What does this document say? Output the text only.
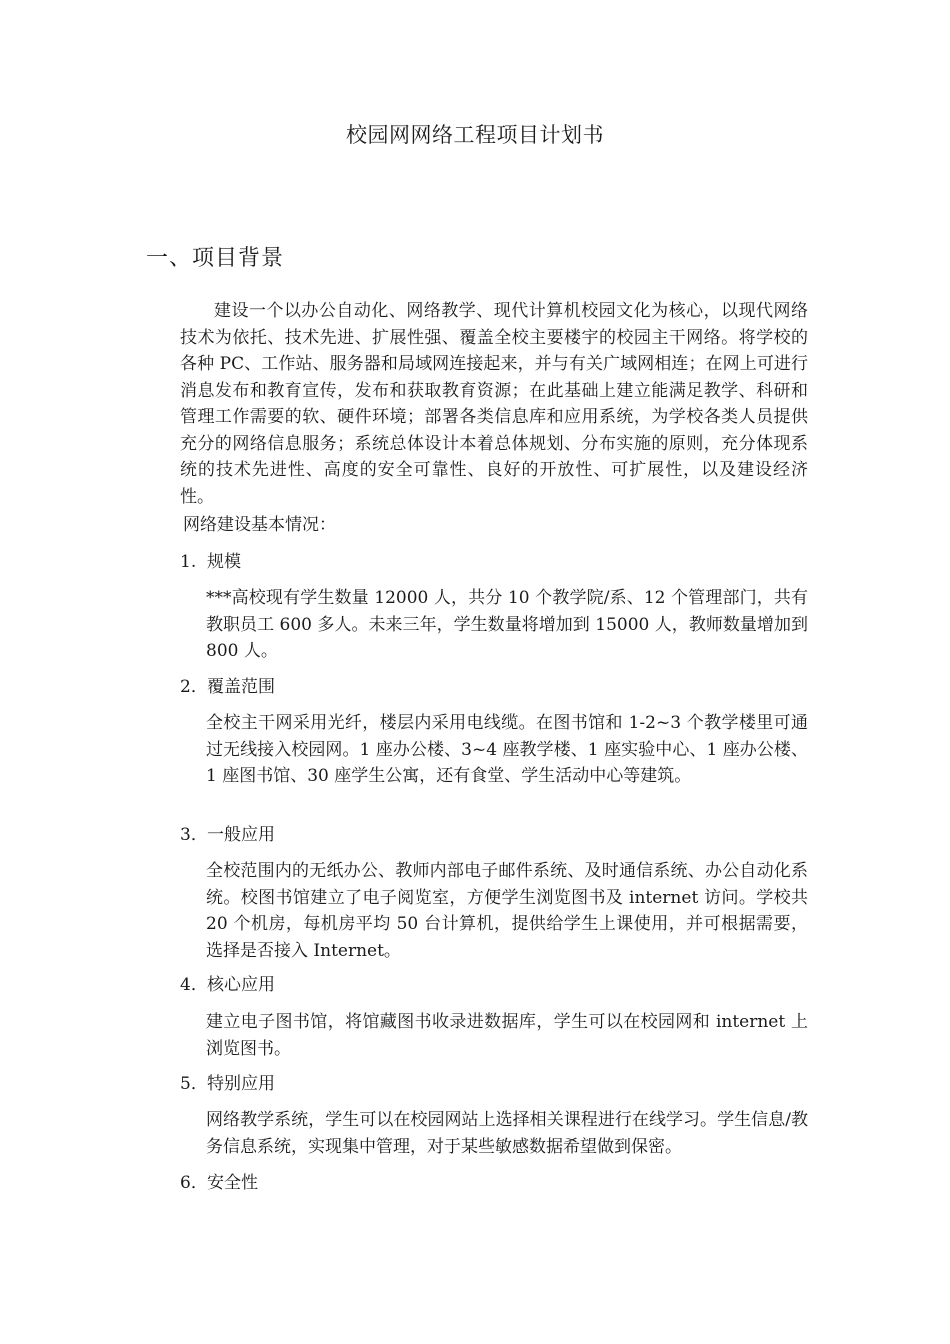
校园网网络工程项目计划书
一、项目背景

建设一个以办公自动化、网络教学、现代计算机校园文化为核心，以现代网络技术为依托、技术先进、扩展性强、覆盖全校主要楼宇的校园主干网络。将学校的各种 PC、工作站、服务器和局域网连接起来，并与有关广域网相连；在网上可进行消息发布和教育宣传，发布和获取教育资源；在此基础上建立能满足教学、科研和管理工作需要的软、硬件环境；部署各类信息库和应用系统，为学校各类人员提供充分的网络信息服务；系统总体设计本着总体规划、分布实施的原则，充分体现系统的技术先进性、高度的安全可靠性、良好的开放性、可扩展性，以及建设经济性。

网络建设基本情况：
1. 规模

***高校现有学生数量 12000 人，共分 10 个教学院/系、12 个管理部门，共有教职员工 600 多人。未来三年，学生数量将增加到 15000 人，教师数量增加到 800 人。

2．覆盖范围

全校主干网采用光纤，楼层内采用电线缆。在图书馆和 1-2~3 个教学楼里可通过无线接入校园网。1 座办公楼、3~4 座教学楼、1 座实验中心、1 座办公楼、1 座图书馆、30 座学生公寓，还有食堂、学生活动中心等建筑。

3．一般应用

全校范围内的无纸办公、教师内部电子邮件系统、及时通信系统、办公自动化系统。校图书馆建立了电子阅览室，方便学生浏览图书及 internet 访问。学校共 20 个机房，每机房平均 50 台计算机，提供给学生上课使用，并可根据需要，选择是否接入 Internet。

4．核心应用

建立电子图书馆，将馆藏图书收录进数据库，学生可以在校园网和 internet 上浏览图书。

5．特别应用

网络教学系统，学生可以在校园网站上选择相关课程进行在线学习。学生信息/教务信息系统，实现集中管理，对于某些敏感数据希望做到保密。

6．安全性
